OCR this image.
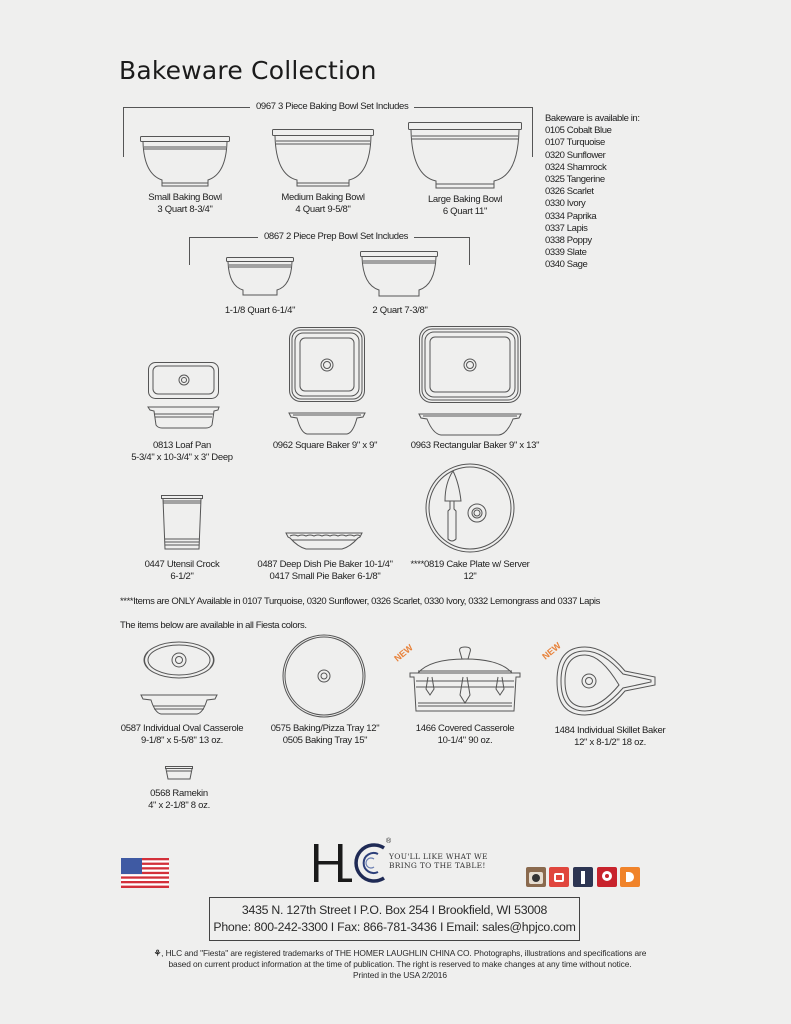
Bakeware Collection
0967 3 Piece Baking Bowl Set Includes
Small Baking Bowl
3 Quart 8-3/4"
Medium Baking Bowl
4 Quart 9-5/8"
Large Baking Bowl
6 Quart 11"
Bakeware is available in:
0105 Cobalt Blue
0107 Turquoise
0320 Sunflower
0324 Shamrock
0325 Tangerine
0326 Scarlet
0330 Ivory
0334 Paprika
0337 Lapis
0338 Poppy
0339 Slate
0340 Sage
0867 2 Piece Prep Bowl Set Includes
1-1/8 Quart 6-1/4"	2 Quart 7-3/8"
0813 Loaf Pan
5-3/4" x 10-3/4" x 3" Deep
0962 Square Baker 9" x 9"	0963 Rectangular Baker 9" x 13"
0447 Utensil Crock
6-1/2"
0487 Deep Dish Pie Baker 10-1/4"
0417 Small Pie Baker 6-1/8"
****0819 Cake Plate w/ Server
12"
****Items are ONLY Available in 0107 Turquoise, 0320 Sunflower, 0326 Scarlet, 0330 Ivory, 0332 Lemongrass and 0337 Lapis
The items below are available in all Fiesta colors.
0587 Individual Oval Casserole
9-1/8" x 5-5/8" 13 oz.
0575 Baking/Pizza Tray 12"
0505 Baking Tray 15"
NEW
1466 Covered Casserole
10-1/4" 90 oz.
NEW
1484 Individual Skillet Baker
12" x 8-1/2" 18 oz.
0568 Ramekin
4" x 2-1/8" 8 oz.
®
YOU'LL LIKE WHAT WE
BRING TO THE TABLE!
3435 N. 127th Street I P.O. Box 254 I Brookfield, WI 53008
Phone: 800-242-3300 I Fax: 866-781-3436 I Email: sales@hpjco.com
⚘, HLC and "Fiesta" are registered trademarks of THE HOMER LAUGHLIN CHINA CO. Photographs, illustrations and specifications are
based on current product information at the time of publication. The right is reserved to make changes at any time without notice.
Printed in the USA 2/2016
